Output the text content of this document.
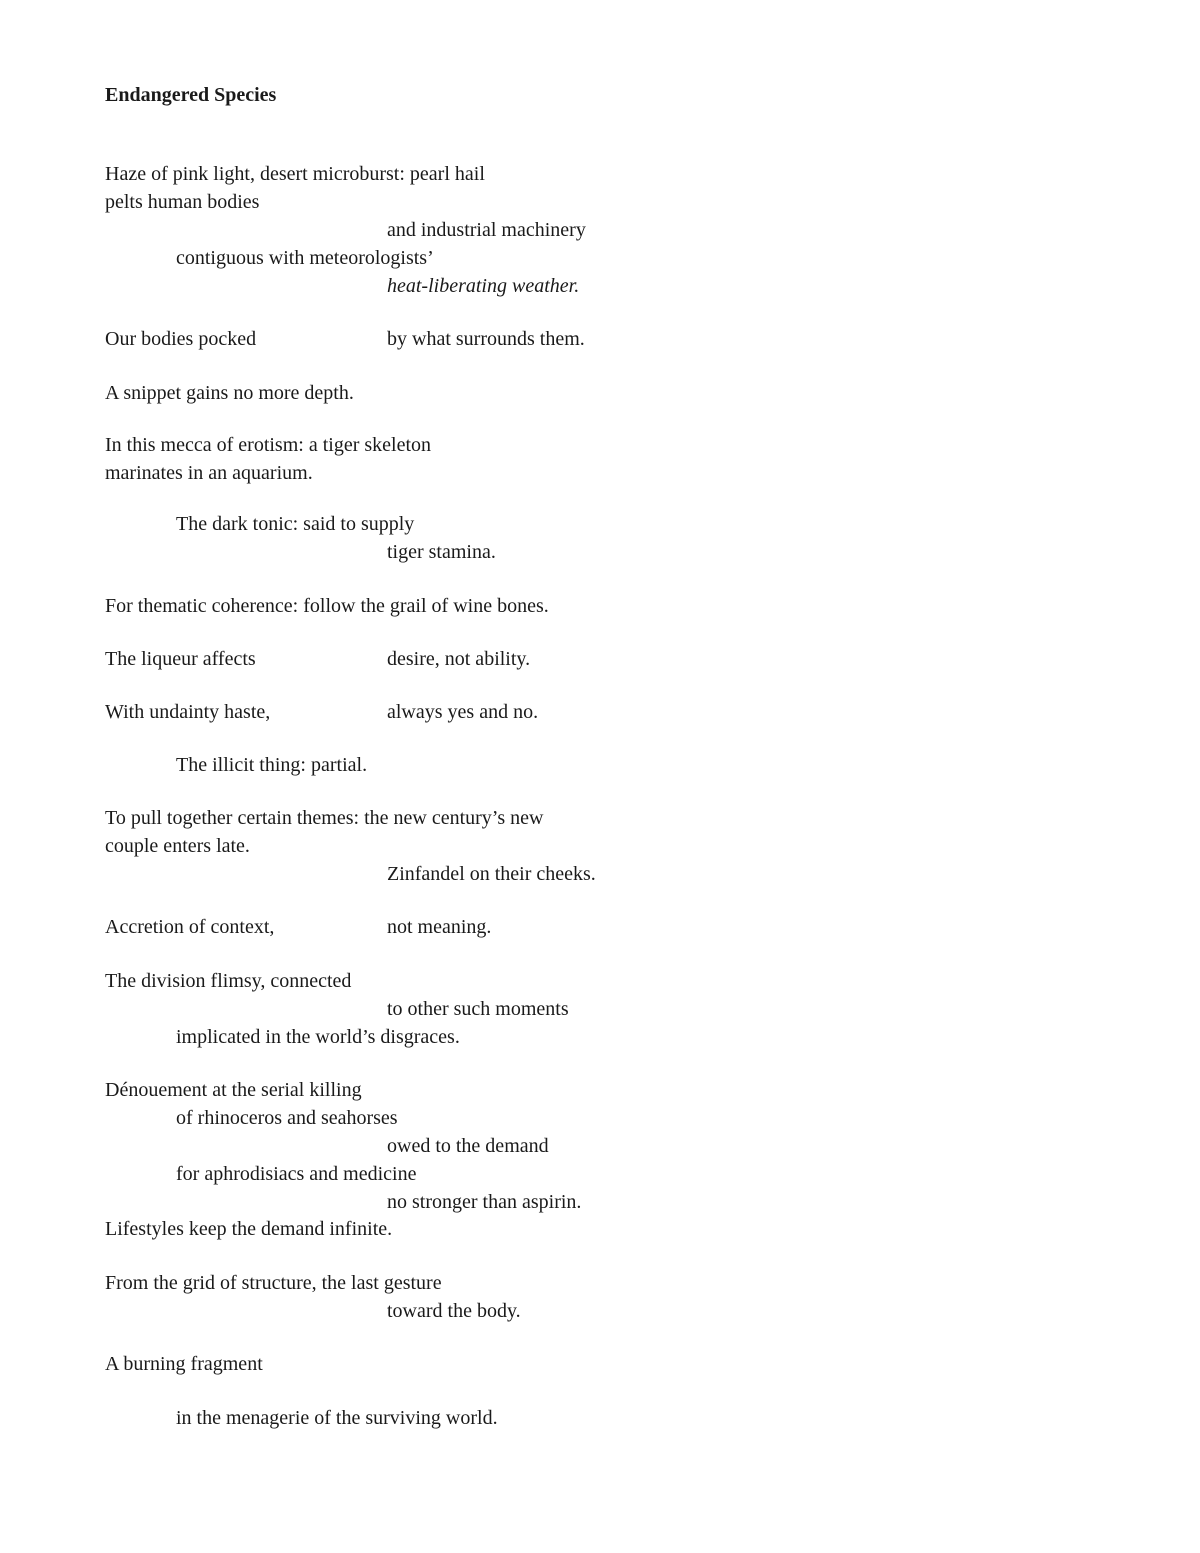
Endangered Species

Haze of pink light, desert microburst: pearl hail

pelts human bodies

and industrial machinery

contiguous with meteorologists’

heat-liberating weather.

Our bodies pocked	by what surrounds them.

A snippet gains no more depth.

In this mecca of erotism: a tiger skeleton

marinates in an aquarium.

The dark tonic: said to supply

tiger stamina.

For thematic coherence: follow the grail of wine bones.

The liqueur affects	desire, not ability.

With undainty haste,	always yes and no.

The illicit thing: partial.

To pull together certain themes: the new century’s new

couple enters late.

Zinfandel on their cheeks.

Accretion of context,	not meaning.

The division flimsy, connected

to other such moments

implicated in the world’s disgraces.

Dénouement at the serial killing

of rhinoceros and seahorses

owed to the demand

for aphrodisiacs and medicine

no stronger than aspirin.

Lifestyles keep the demand infinite.

From the grid of structure, the last gesture

toward the body.

A burning fragment

in the menagerie of the surviving world.
